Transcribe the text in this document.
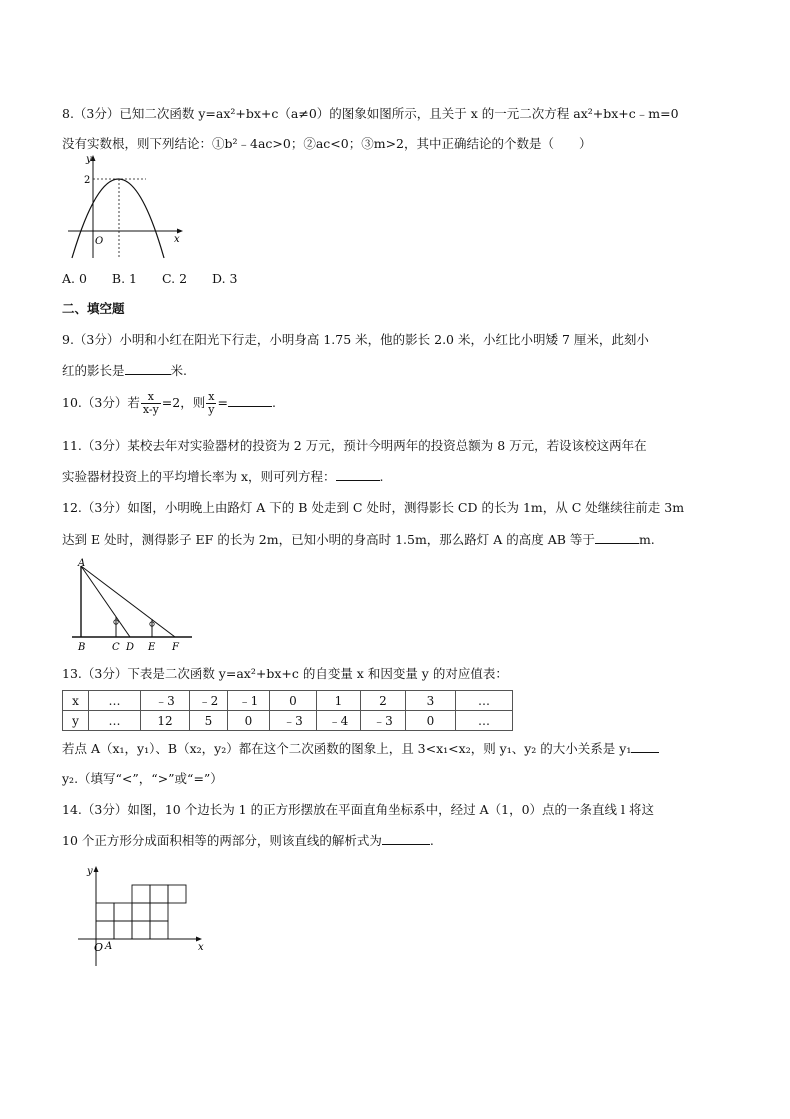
8.（3分）已知二次函数 y=ax²+bx+c（a≠0）的图象如图所示，且关于 x 的一元二次方程 ax²+bx+c﹣m=0
没有实数根，则下列结论：①b²﹣4ac>0；②ac<0；③m>2，其中正确结论的个数是（　　）
y
x
O
2
A. 0　　B. 1　　C. 2　　D. 3
二、填空题
9.（3分）小明和小红在阳光下行走，小明身高 1.75 米，他的影长 2.0 米，小红比小明矮 7 厘米，此刻小
红的影长是	米.
10.（3分）若 $\frac{x}{x-y} =2$，则 $\frac{x}{y}$ =	.
11.（3分）某校去年对实验器材的投资为 2 万元，预计今明两年的投资总额为 8 万元，若设该校这两年在
实验器材投资上的平均增长率为 x，则可列方程：	.
12.（3分）如图，小明晚上由路灯 A 下的 B 处走到 C 处时，测得影长 CD 的长为 1m，从 C 处继续往前走 3m
达到 E 处时，测得影子 EF 的长为 2m，已知小明的身高时 1.5m，那么路灯 A 的高度 AB 等于	m.
A
B	C D E F
13.（3分）下表是二次函数 y=ax²+bx+c 的自变量 x 和因变量 y 的对应值表：
x	…	﹣3	﹣2	﹣1	0	1	2	3	…
y	…	12	5	0	﹣3	﹣4	﹣3	0	…
若点 A（x₁，y₁）、B（x₂，y₂）都在这个二次函数的图象上，且 3<x₁<x₂，则 y₁、y₂ 的大小关系是 y₁
y₂.（填写“<”，“>”或“=”）
14.（3分）如图，10 个边长为 1 的正方形摆放在平面直角坐标系中，经过 A（1，0）点的一条直线 l 将这
10 个正方形分成面积相等的两部分，则该直线的解析式为	.
y
x
O A
